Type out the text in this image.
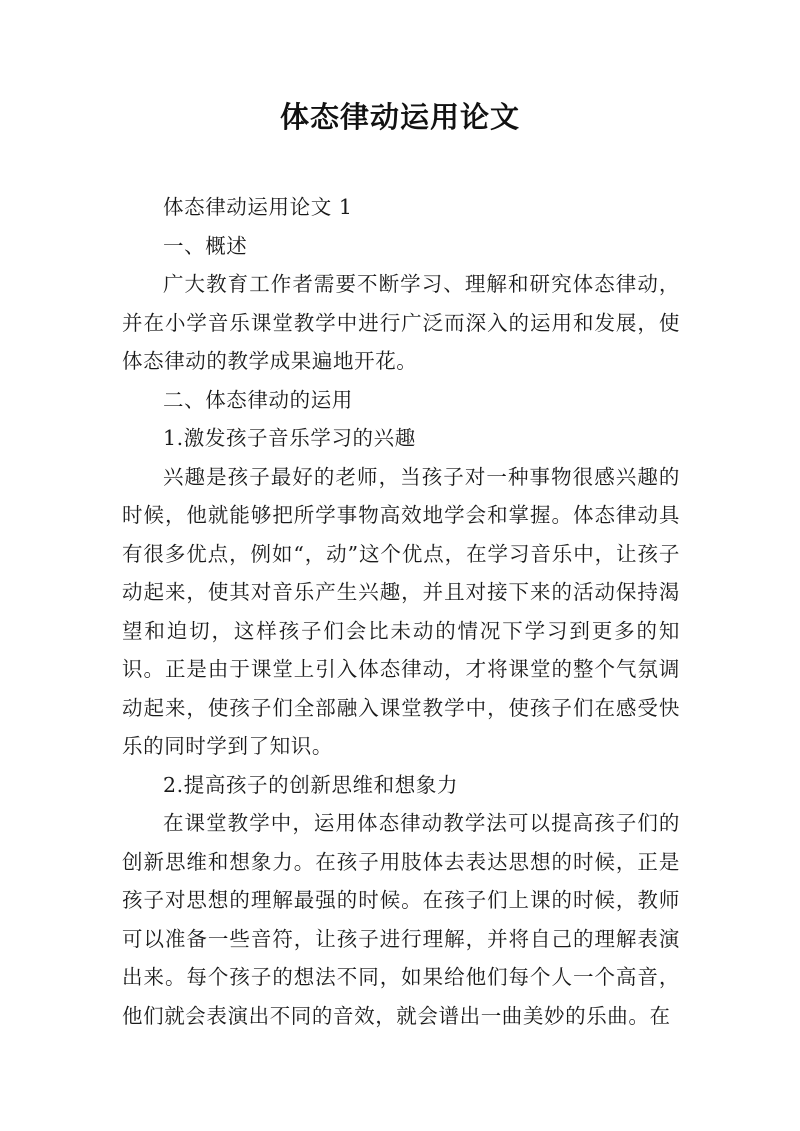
体态律动运用论文

体态律动运用论文 1

一、概述

广大教育工作者需要不断学习、理解和研究体态律动，并在小学音乐课堂教学中进行广泛而深入的运用和发展，使体态律动的教学成果遍地开花。

二、体态律动的运用

1.激发孩子音乐学习的兴趣

兴趣是孩子最好的老师，当孩子对一种事物很感兴趣的时候，他就能够把所学事物高效地学会和掌握。体态律动具有很多优点，例如“，动”这个优点，在学习音乐中，让孩子动起来，使其对音乐产生兴趣，并且对接下来的活动保持渴望和迫切，这样孩子们会比未动的情况下学习到更多的知识。正是由于课堂上引入体态律动，才将课堂的整个气氛调动起来，使孩子们全部融入课堂教学中，使孩子们在感受快乐的同时学到了知识。

2.提高孩子的创新思维和想象力

在课堂教学中，运用体态律动教学法可以提高孩子们的创新思维和想象力。在孩子用肢体去表达思想的时候，正是孩子对思想的理解最强的时候。在孩子们上课的时候，教师可以准备一些音符，让孩子进行理解，并将自己的理解表演出来。每个孩子的想法不同，如果给他们每个人一个高音，他们就会表演出不同的音效，就会谱出一曲美妙的乐曲。在
